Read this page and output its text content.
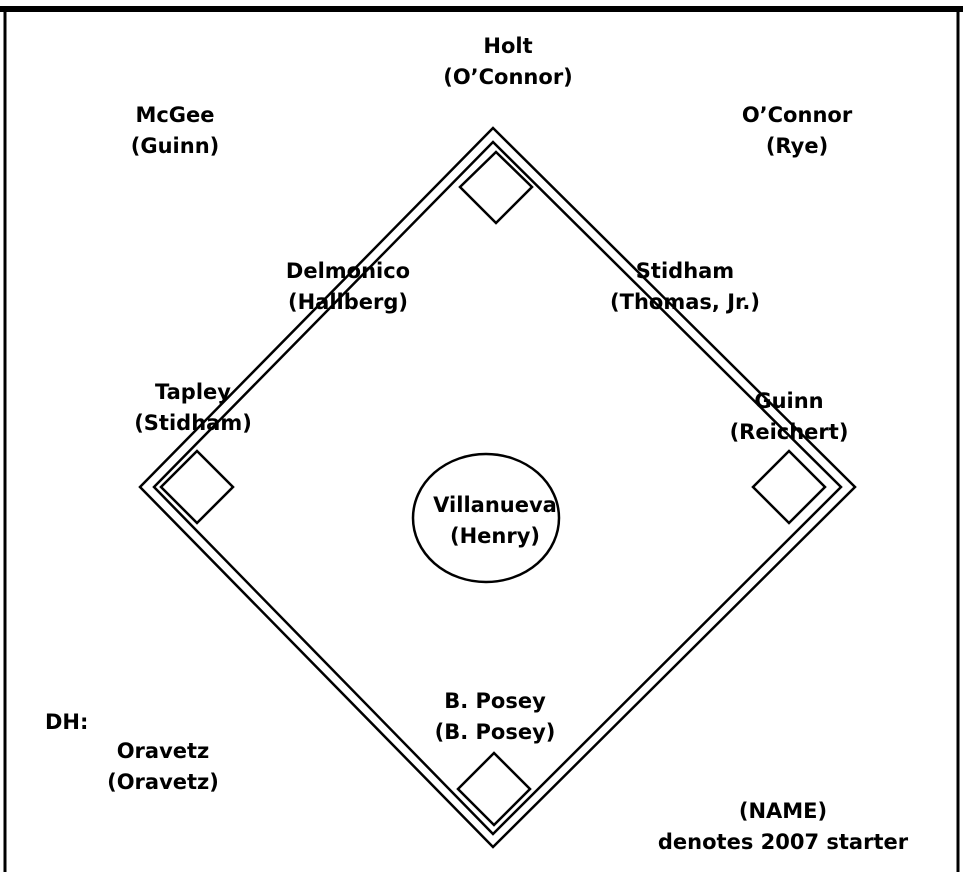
Holt
(O’Connor)
McGee
(Guinn)
O’Connor
(Rye)
Delmonico
(Hallberg)
Stidham
(Thomas, Jr.)
Tapley
(Stidham)
Guinn
(Reichert)
Villanueva
(Henry)
B. Posey
(B. Posey)
DH:
Oravetz
(Oravetz)
(NAME)
denotes 2007 starter
